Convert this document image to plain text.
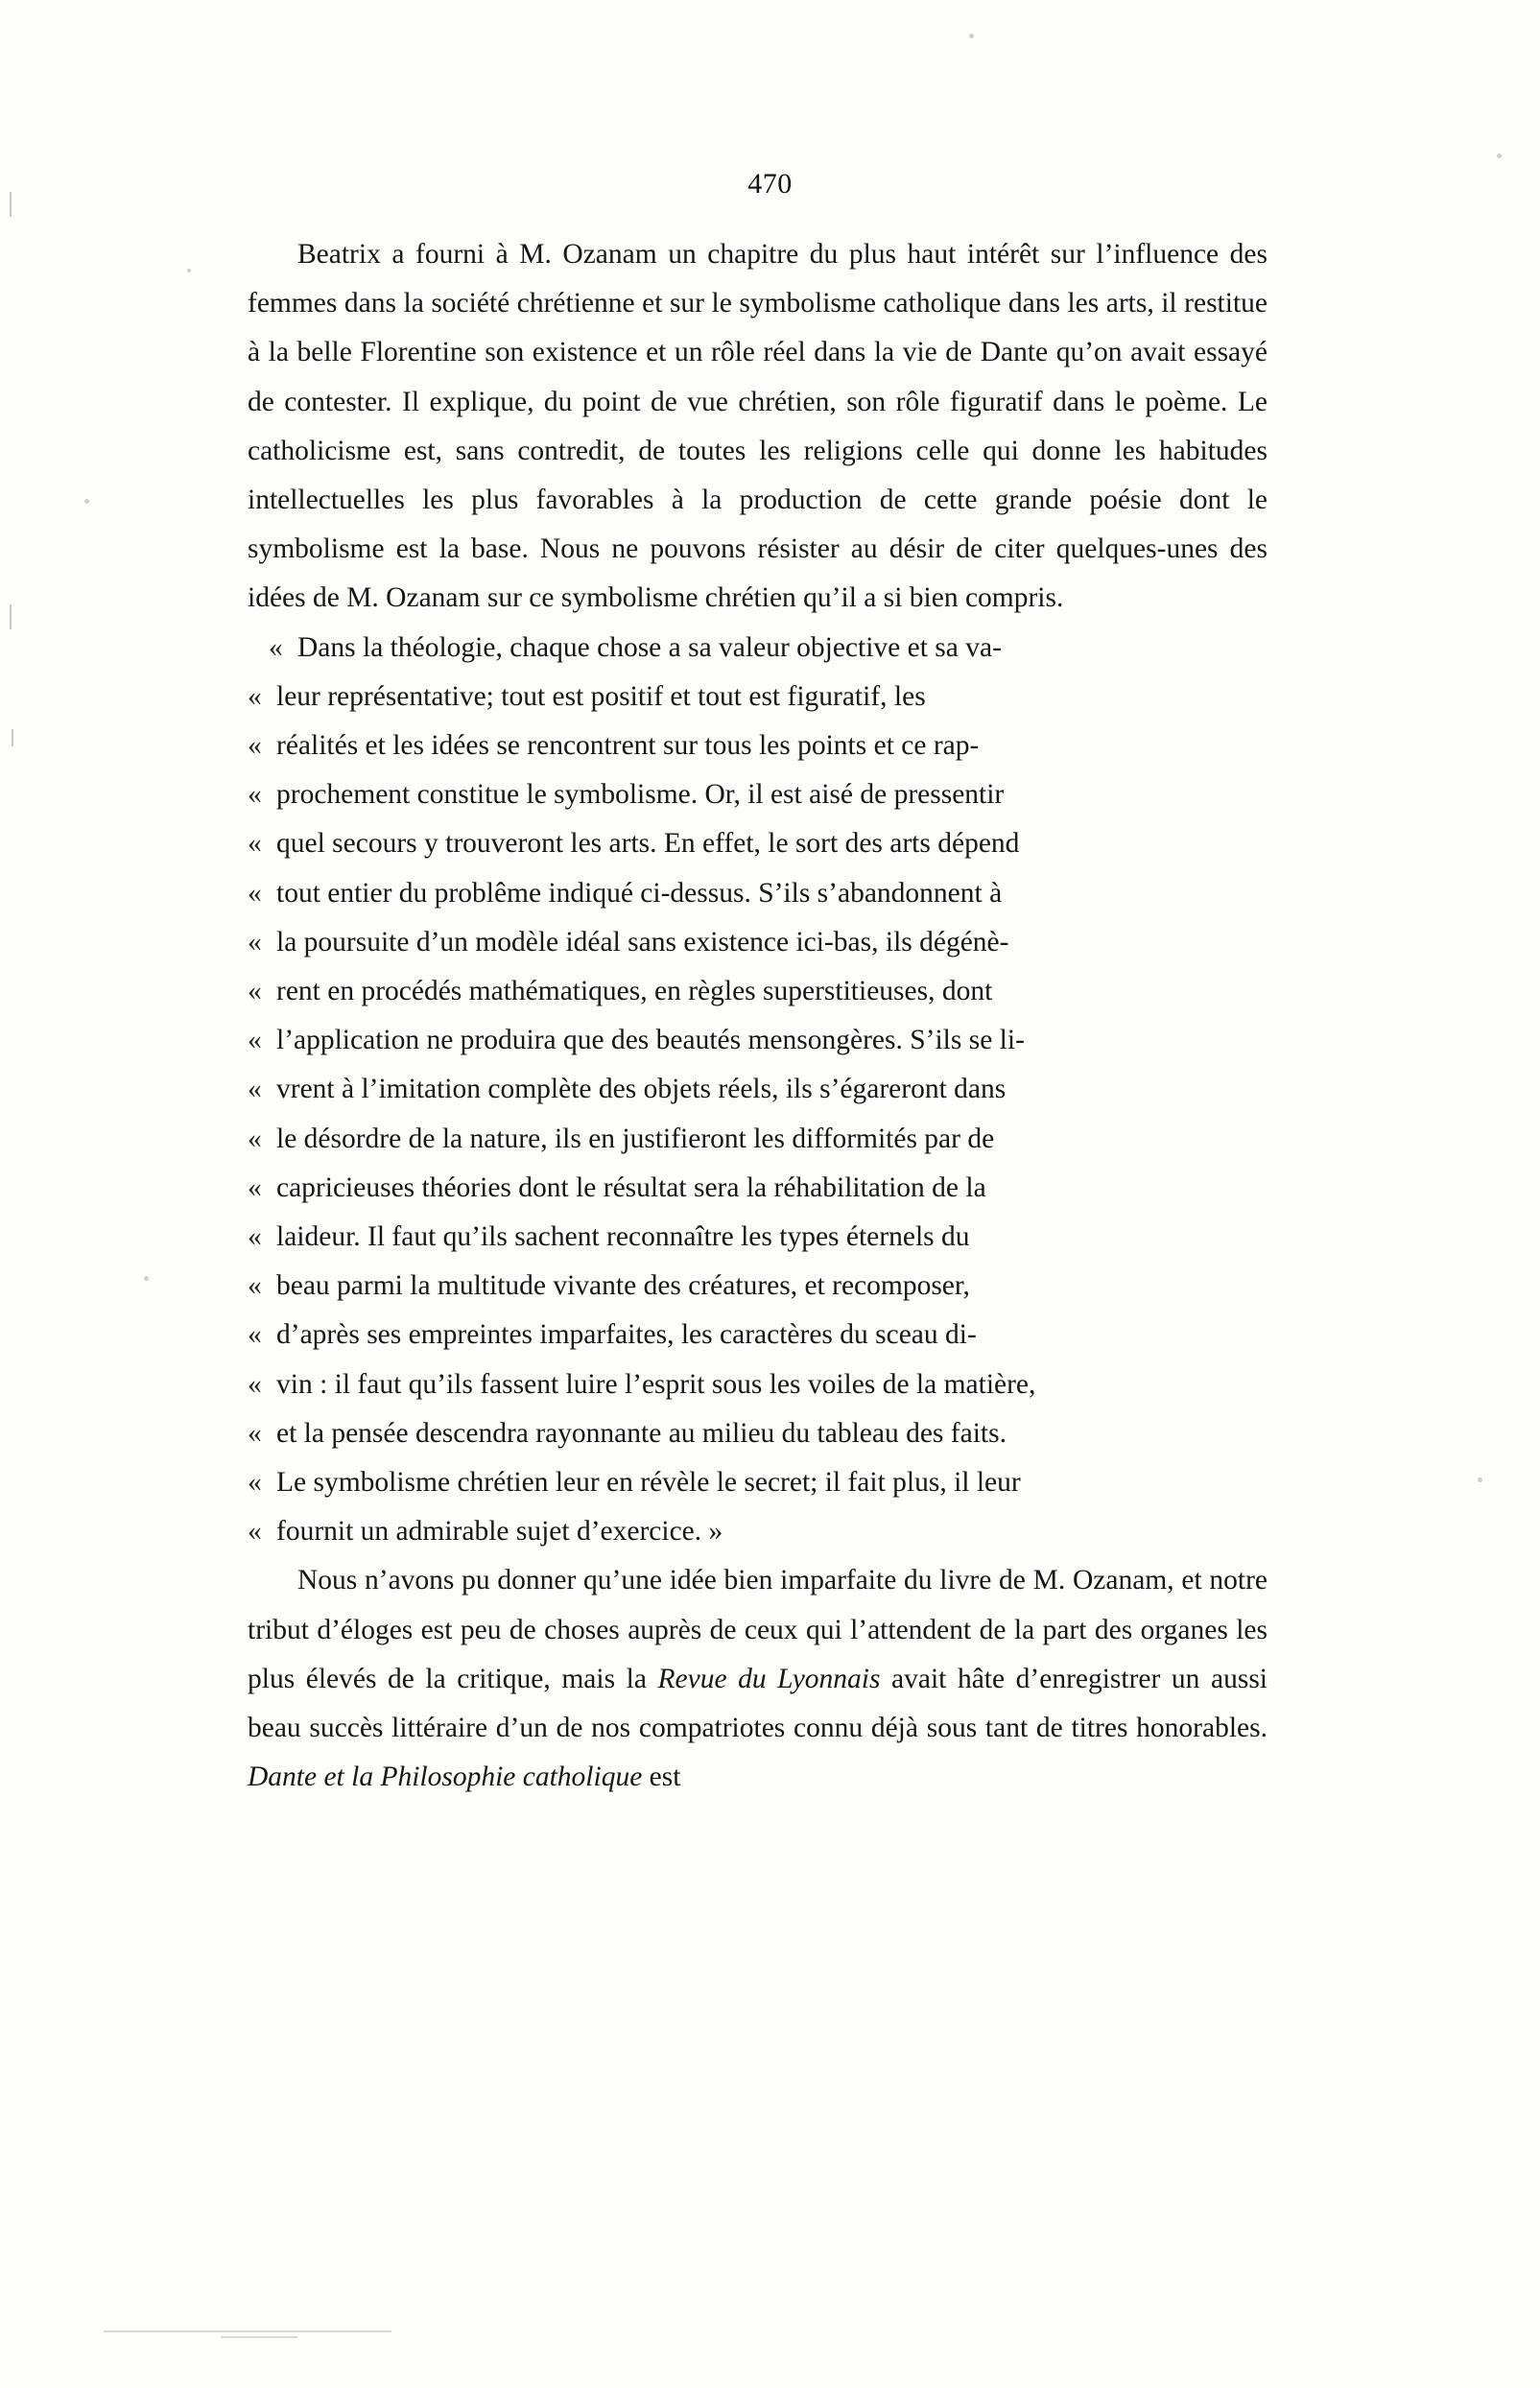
470

Beatrix a fourni à M. Ozanam un chapitre du plus haut intérêt sur l’influence des femmes dans la société chrétienne et sur le symbolisme catholique dans les arts, il restitue à la belle Florentine son existence et un rôle réel dans la vie de Dante qu’on avait essayé de contester. Il explique, du point de vue chrétien, son rôle figuratif dans le poème. Le catholicisme est, sans contredit, de toutes les religions celle qui donne les habitudes intellectuelles les plus favorables à la production de cette grande poésie dont le symbolisme est la base. Nous ne pouvons résister au désir de citer quelques-unes des idées de M. Ozanam sur ce symbolisme chrétien qu’il a si bien compris.

« Dans la théologie, chaque chose a sa valeur objective et sa va-
« leur représentative; tout est positif et tout est figuratif, les
« réalités et les idées se rencontrent sur tous les points et ce rap-
« prochement constitue le symbolisme. Or, il est aisé de pressentir
« quel secours y trouveront les arts. En effet, le sort des arts dépend
« tout entier du problême indiqué ci-dessus. S’ils s’abandonnent à
« la poursuite d’un modèle idéal sans existence ici-bas, ils dégénè-
« rent en procédés mathématiques, en règles superstitieuses, dont
« l’application ne produira que des beautés mensongères. S’ils se li-
« vrent à l’imitation complète des objets réels, ils s’égareront dans
« le désordre de la nature, ils en justifieront les difformités par de
« capricieuses théories dont le résultat sera la réhabilitation de la
« laideur. Il faut qu’ils sachent reconnaître les types éternels du
« beau parmi la multitude vivante des créatures, et recomposer,
« d’après ses empreintes imparfaites, les caractères du sceau di-
« vin : il faut qu’ils fassent luire l’esprit sous les voiles de la matière,
« et la pensée descendra rayonnante au milieu du tableau des faits.
« Le symbolisme chrétien leur en révèle le secret; il fait plus, il leur
« fournit un admirable sujet d’exercice. »

Nous n’avons pu donner qu’une idée bien imparfaite du livre de M. Ozanam, et notre tribut d’éloges est peu de choses auprès de ceux qui l’attendent de la part des organes les plus élevés de la critique, mais la Revue du Lyonnais avait hâte d’enregistrer un aussi beau succès littéraire d’un de nos compatriotes connu déjà sous tant de titres honorables. Dante et la Philosophie catholique est
